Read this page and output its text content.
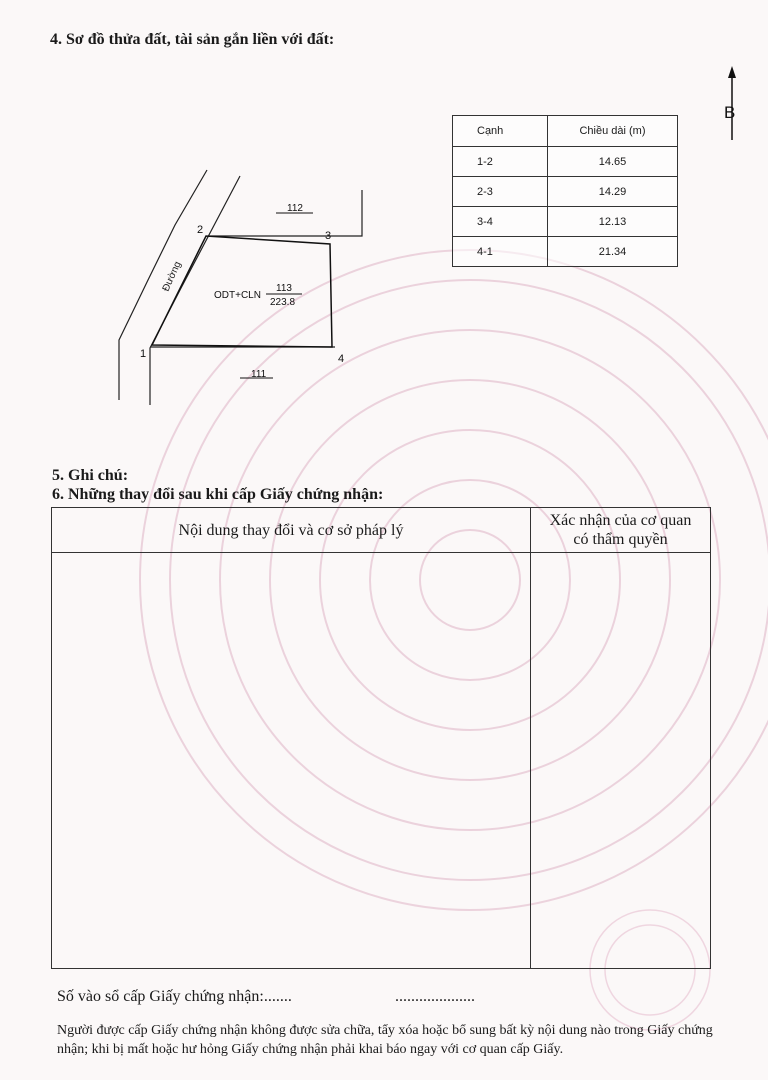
4. Sơ đồ thửa đất, tài sản gắn liền với đất:
B
Đường
1
2	3
4
ODT+CLN
113
223.8
112
111
Cạnh	Chiều dài (m)
1-2	14.65
2-3	14.29
3-4	12.13
4-1	21.34
5. Ghi chú:
6. Những thay đổi sau khi cấp Giấy chứng nhận:
Nội dung thay đổi và cơ sở pháp lý	Xác nhận của cơ quan
có thẩm quyền

Số vào sổ cấp Giấy chứng nhận:.......	....................

Người được cấp Giấy chứng nhận không được sửa chữa, tẩy xóa hoặc bổ sung bất kỳ nội dung nào trong Giấy chứng nhận; khi bị mất hoặc hư hỏng Giấy chứng nhận phải khai báo ngay với cơ quan cấp Giấy.
